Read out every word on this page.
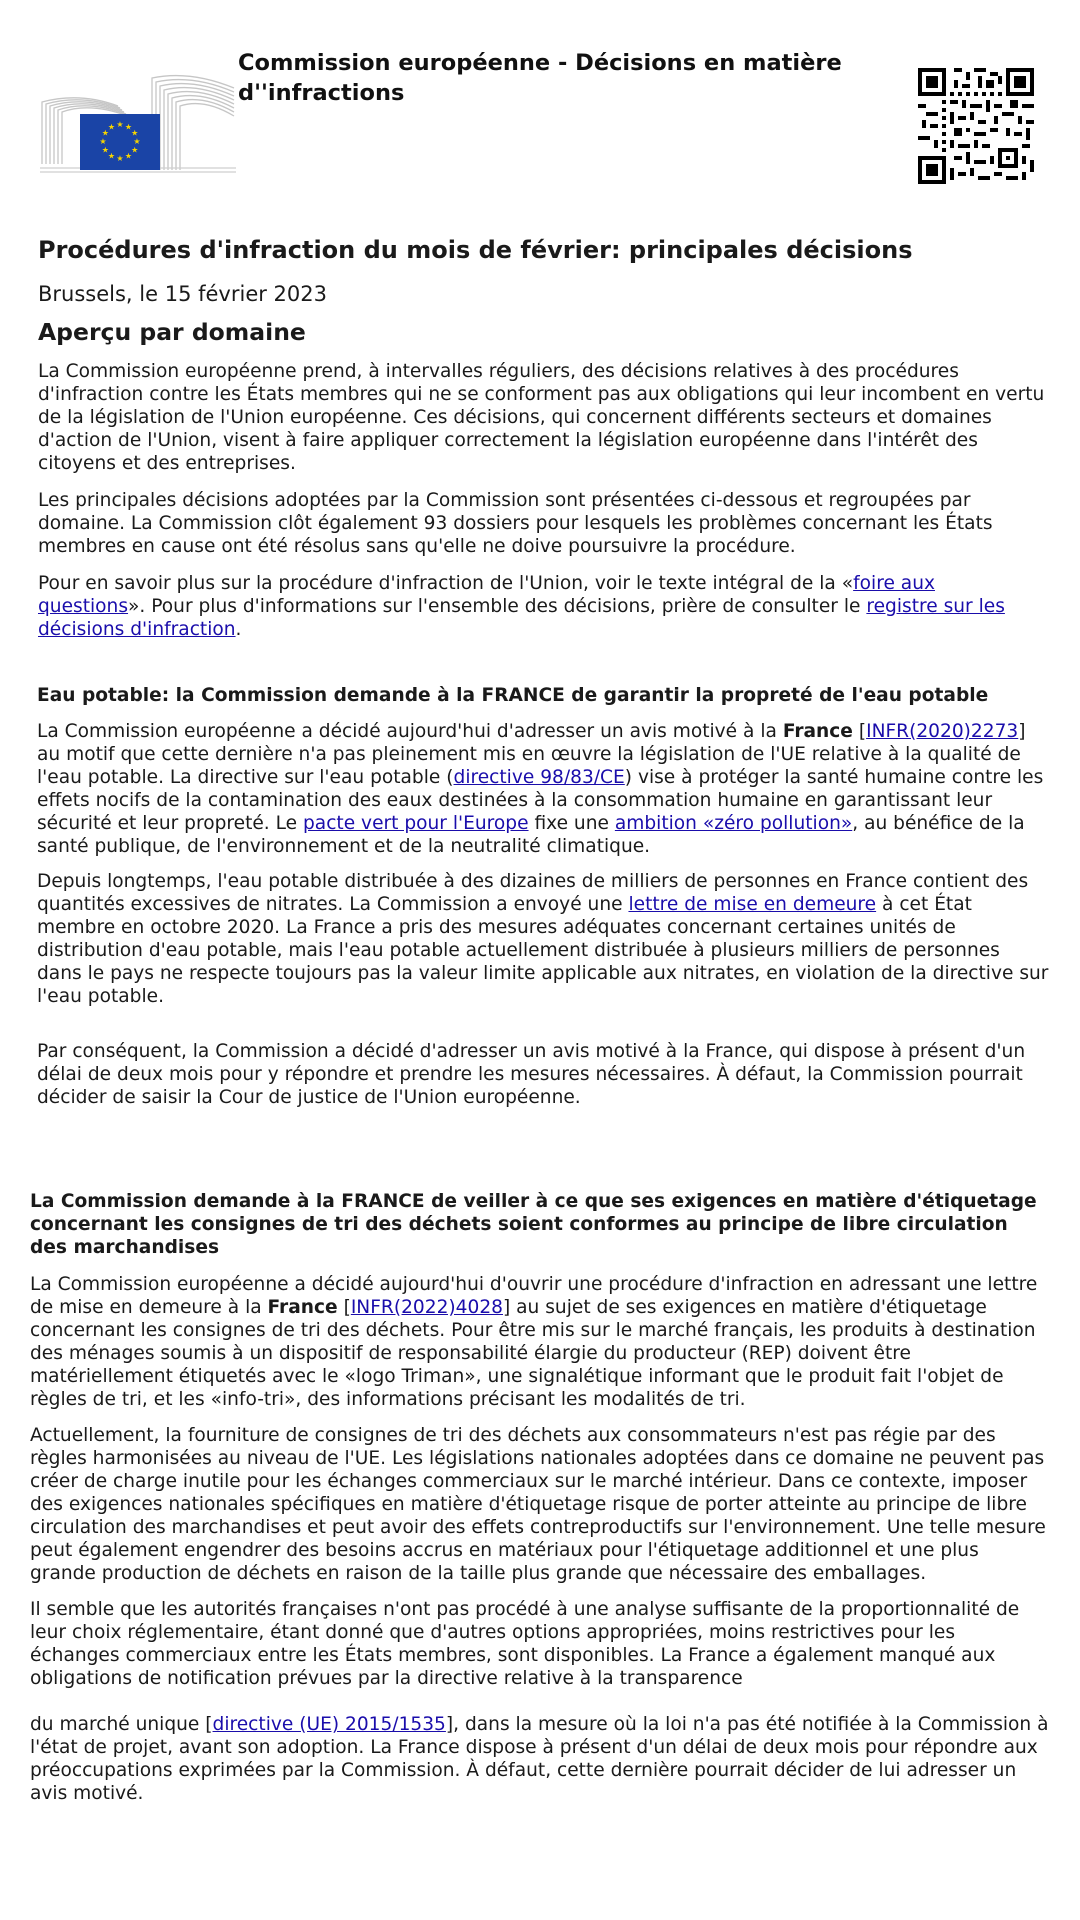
★ ★
★
★
★
★
★
★
★
★
★
★
Commission européenne - Décisions en matière d''infractions
Procédures d'infraction du mois de février: principales décisions
Brussels, le 15 février 2023
Aperçu par domaine

La Commission européenne prend, à intervalles réguliers, des décisions relatives à des procédures d'infraction contre les États membres qui ne se conforment pas aux obligations qui leur incombent en vertu de la législation de l'Union européenne. Ces décisions, qui concernent différents secteurs et domaines d'action de l'Union, visent à faire appliquer correctement la législation européenne dans l'intérêt des citoyens et des entreprises.

Les principales décisions adoptées par la Commission sont présentées ci-dessous et regroupées par domaine. La Commission clôt également 93 dossiers pour lesquels les problèmes concernant les États membres en cause ont été résolus sans qu'elle ne doive poursuivre la procédure.

Pour en savoir plus sur la procédure d'infraction de l'Union, voir le texte intégral de la «foire aux questions». Pour plus d'informations sur l'ensemble des décisions, prière de consulter le registre sur les décisions d'infraction.

Eau potable: la Commission demande à la FRANCE de garantir la propreté de l'eau potable

La Commission européenne a décidé aujourd'hui d'adresser un avis motivé à la France [INFR(2020)2273] au motif que cette dernière n'a pas pleinement mis en œuvre la législation de l'UE relative à la qualité de l'eau potable. La directive sur l'eau potable (directive 98/83/CE) vise à protéger la santé humaine contre les effets nocifs de la contamination des eaux destinées à la consommation humaine en garantissant leur sécurité et leur propreté. Le pacte vert pour l'Europe fixe une ambition «zéro pollution», au bénéfice de la santé publique, de l'environnement et de la neutralité climatique.

Depuis longtemps, l'eau potable distribuée à des dizaines de milliers de personnes en France contient des quantités excessives de nitrates. La Commission a envoyé une lettre de mise en demeure à cet État membre en octobre 2020. La France a pris des mesures adéquates concernant certaines unités de distribution d'eau potable, mais l'eau potable actuellement distribuée à plusieurs milliers de personnes dans le pays ne respecte toujours pas la valeur limite applicable aux nitrates, en violation de la directive sur l'eau potable.

Par conséquent, la Commission a décidé d'adresser un avis motivé à la France, qui dispose à présent d'un délai de deux mois pour y répondre et prendre les mesures nécessaires. À défaut, la Commission pourrait décider de saisir la Cour de justice de l'Union européenne.

La Commission demande à la FRANCE de veiller à ce que ses exigences en matière d'étiquetage concernant les consignes de tri des déchets soient conformes au principe de libre circulation des marchandises

La Commission européenne a décidé aujourd'hui d'ouvrir une procédure d'infraction en adressant une lettre de mise en demeure à la France [INFR(2022)4028] au sujet de ses exigences en matière d'étiquetage concernant les consignes de tri des déchets. Pour être mis sur le marché français, les produits à destination des ménages soumis à un dispositif de responsabilité élargie du producteur (REP) doivent être matériellement étiquetés avec le «logo Triman», une signalétique informant que le produit fait l'objet de règles de tri, et les «info-tri», des informations précisant les modalités de tri.

Actuellement, la fourniture de consignes de tri des déchets aux consommateurs n'est pas régie par des règles harmonisées au niveau de l'UE. Les législations nationales adoptées dans ce domaine ne peuvent pas créer de charge inutile pour les échanges commerciaux sur le marché intérieur. Dans ce contexte, imposer des exigences nationales spécifiques en matière d'étiquetage risque de porter atteinte au principe de libre circulation des marchandises et peut avoir des effets contreproductifs sur l'environnement. Une telle mesure peut également engendrer des besoins accrus en matériaux pour l'étiquetage additionnel et une plus grande production de déchets en raison de la taille plus grande que nécessaire des emballages.

Il semble que les autorités françaises n'ont pas procédé à une analyse suffisante de la proportionnalité de leur choix réglementaire, étant donné que d'autres options appropriées, moins restrictives pour les échanges commerciaux entre les États membres, sont disponibles. La France a également manqué aux obligations de notification prévues par la directive relative à la transparence

du marché unique [directive (UE) 2015/1535], dans la mesure où la loi n'a pas été notifiée à la Commission à l'état de projet, avant son adoption. La France dispose à présent d'un délai de deux mois pour répondre aux préoccupations exprimées par la Commission. À défaut, cette dernière pourrait décider de lui adresser un avis motivé.
